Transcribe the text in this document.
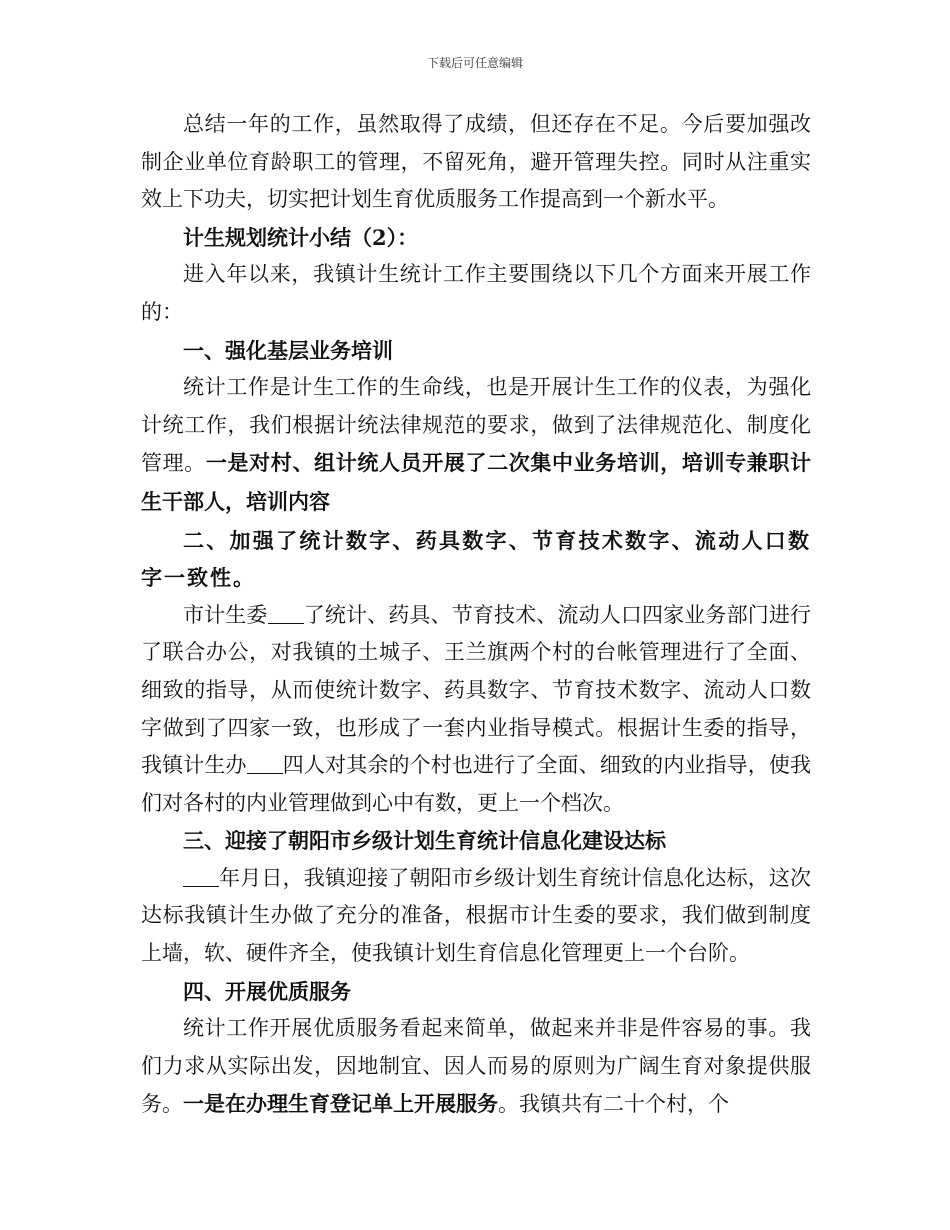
下载后可任意编辑

总结一年的工作，虽然取得了成绩，但还存在不足。今后要加强改制企业单位育龄职工的管理，不留死角，避开管理失控。同时从注重实效上下功夫，切实把计划生育优质服务工作提高到一个新水平。

计生规划统计小结（2）：

进入年以来，我镇计生统计工作主要围绕以下几个方面来开展工作的：

一、强化基层业务培训

统计工作是计生工作的生命线，也是开展计生工作的仪表，为强化计统工作，我们根据计统法律规范的要求，做到了法律规范化、制度化管理。一是对村、组计统人员开展了二次集中业务培训，培训专兼职计生干部人，培训内容

二、加强了统计数字、药具数字、节育技术数字、流动人口数字一致性。

市计生委 了统计、药具、节育技术、流动人口四家业务部门进行了联合办公，对我镇的土城子、王兰旗两个村的台帐管理进行了全面、细致的指导，从而使统计数字、药具数字、节育技术数字、流动人口数字做到了四家一致，也形成了一套内业指导模式。根据计生委的指导，我镇计生办 四人对其余的个村也进行了全面、细致的内业指导，使我们对各村的内业管理做到心中有数，更上一个档次。

三、迎接了朝阳市乡级计划生育统计信息化建设达标

年月日，我镇迎接了朝阳市乡级计划生育统计信息化达标，这次达标我镇计生办做了充分的准备，根据市计生委的要求，我们做到制度上墙，软、硬件齐全，使我镇计划生育信息化管理更上一个台阶。

四、开展优质服务

统计工作开展优质服务看起来简单，做起来并非是件容易的事。我们力求从实际出发，因地制宜、因人而易的原则为广阔生育对象提供服务。一是在办理生育登记单上开展服务。我镇共有二十个村，个
